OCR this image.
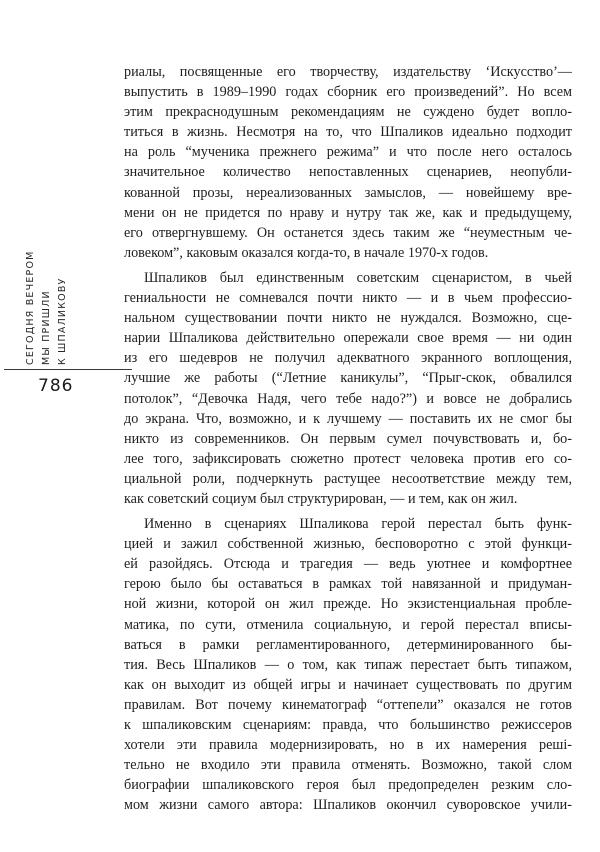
СЕГОДНЯ ВЕЧЕРОМ МЫ ПРИШЛИ К ШПАЛИКОВУ
786
риалы, посвященные его творчеству, издательству ‘Искусство’—
выпустить в 1989–1990 годах сборник его произведений”. Но всем
этим прекраснодушным рекомендациям не суждено будет вопло-
титься в жизнь. Несмотря на то, что Шпаликов идеально подходит
на роль “мученика прежнего режима” и что после него осталось
значительное количество непоставленных сценариев, неопубли-
кованной прозы, нереализованных замыслов, — новейшему вре-
мени он не придется по нраву и нутру так же, как и предыдущему,
его отвергнувшему. Он останется здесь таким же “неуместным че-
ловеком”, каковым оказался когда-то, в начале 1970-х годов.
Шпаликов был единственным советским сценаристом, в чьей
гениальности не сомневался почти никто — и в чьем профессио-
нальном существовании почти никто не нуждался. Возможно, сце-
нарии Шпаликова действительно опережали свое время — ни один
из его шедевров не получил адекватного экранного воплощения,
лучшие же работы (“Летние каникулы”, “Прыг-скок, обвалился
потолок”, “Девочка Надя, чего тебе надо?”) и вовсе не добрались
до экрана. Что, возможно, и к лучшему — поставить их не смог бы
никто из современников. Он первым сумел почувствовать и, бо-
лее того, зафиксировать сюжетно протест человека против его со-
циальной роли, подчеркнуть растущее несоответствие между тем,
как советский социум был структурирован, — и тем, как он жил.
Именно в сценариях Шпаликова герой перестал быть функ-
цией и зажил собственной жизнью, бесповоротно с этой функци-
ей разойдясь. Отсюда и трагедия — ведь уютнее и комфортнее
герою было бы оставаться в рамках той навязанной и придуман-
ной жизни, которой он жил прежде. Но экзистенциальная пробле-
матика, по сути, отменила социальную, и герой перестал вписы-
ваться в рамки регламентированного, детерминированного бы-
тия. Весь Шпаликов — о том, как типаж перестает быть типажом,
как он выходит из общей игры и начинает существовать по другим
правилам. Вот почему кинематограф “оттепели” оказался не готов
к шпаликовским сценариям: правда, что большинство режиссеров
хотели эти правила модернизировать, но в их намерения решi-
тельно не входило эти правила отменять. Возможно, такой слом
биографии шпаликовского героя был предопределен резким сло-
мом жизни самого автора: Шпаликов окончил суворовское учили-
